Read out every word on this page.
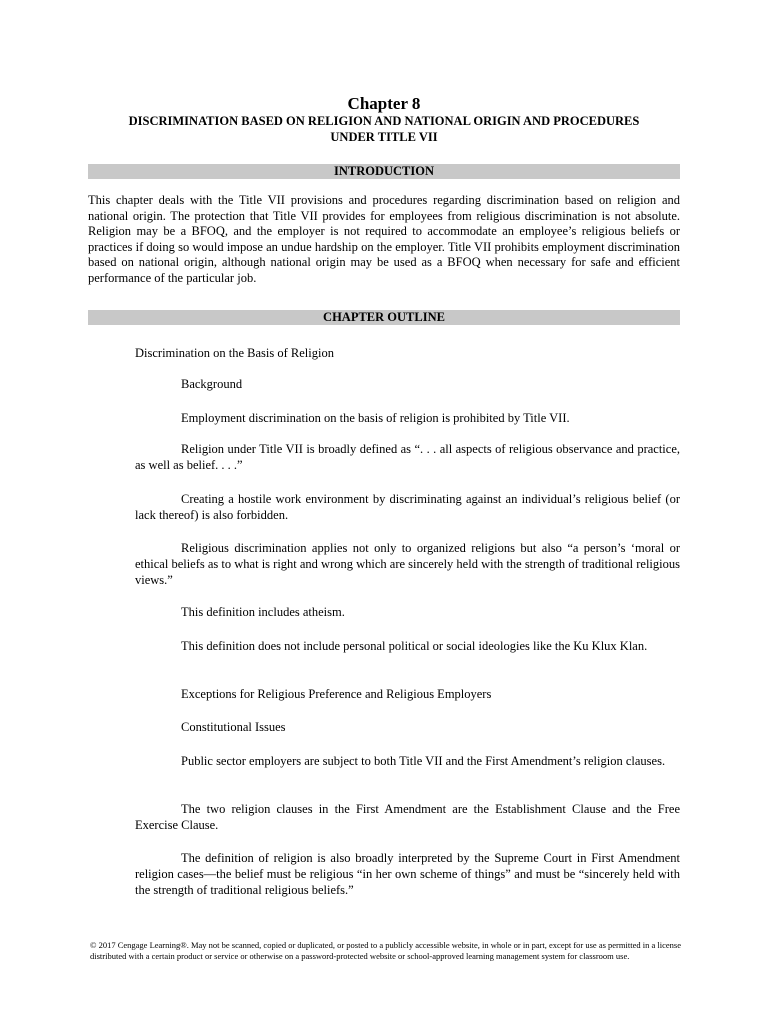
Chapter 8
DISCRIMINATION BASED ON RELIGION AND NATIONAL ORIGIN AND PROCEDURES
UNDER TITLE VII
INTRODUCTION
This chapter deals with the Title VII provisions and procedures regarding discrimination based on religion and national origin. The protection that Title VII provides for employees from religious discrimination is not absolute. Religion may be a BFOQ, and the employer is not required to accommodate an employee’s religious beliefs or practices if doing so would impose an undue hardship on the employer. Title VII prohibits employment discrimination based on national origin, although national origin may be used as a BFOQ when necessary for safe and efficient performance of the particular job.
CHAPTER OUTLINE
Discrimination on the Basis of Religion
Background
Employment discrimination on the basis of religion is prohibited by Title VII.
Religion under Title VII is broadly defined as “. . . all aspects of religious observance and practice, as well as belief. . . .”
Creating a hostile work environment by discriminating against an individual’s religious belief (or lack thereof) is also forbidden.
Religious discrimination applies not only to organized religions but also “a person’s ‘moral or ethical beliefs as to what is right and wrong which are sincerely held with the strength of traditional religious views.”
This definition includes atheism.
This definition does not include personal political or social ideologies like the Ku Klux Klan.
Exceptions for Religious Preference and Religious Employers
Constitutional Issues
Public sector employers are subject to both Title VII and the First Amendment’s religion clauses.
The two religion clauses in the First Amendment are the Establishment Clause and the Free Exercise Clause.
The definition of religion is also broadly interpreted by the Supreme Court in First Amendment religion cases—the belief must be religious “in her own scheme of things” and must be “sincerely held with the strength of traditional religious beliefs.”
© 2017 Cengage Learning®. May not be scanned, copied or duplicated, or posted to a publicly accessible website, in whole or in part, except for use as permitted in a license distributed with a certain product or service or otherwise on a password-protected website or school-approved learning management system for classroom use.
